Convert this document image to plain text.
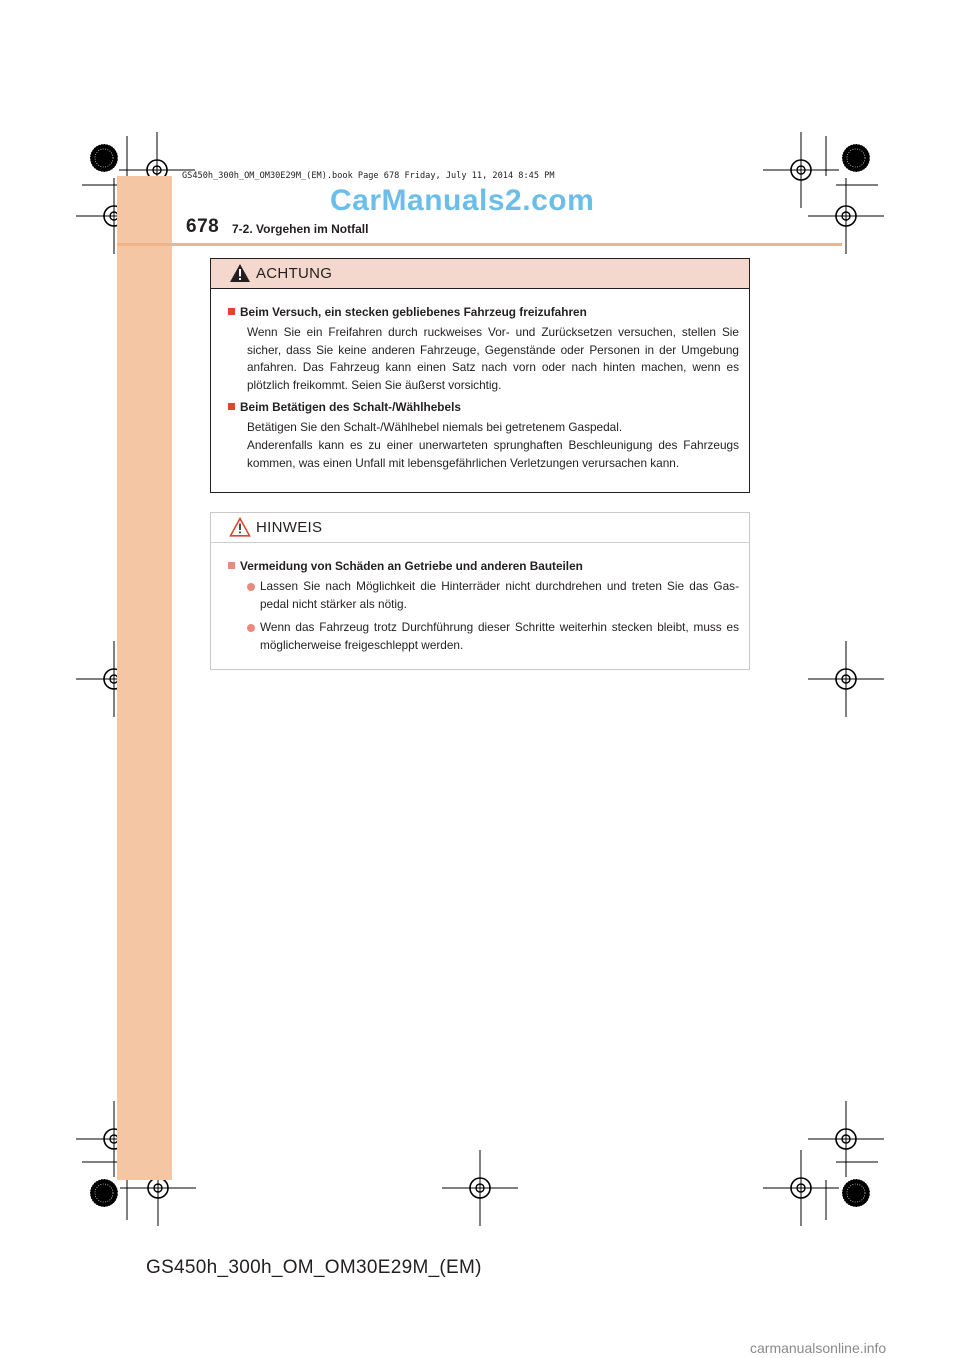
GS450h_300h_OM_OM30E29M_(EM).book Page 678 Friday, July 11, 2014 8:45 PM
CarManuals2.com
678 7-2. Vorgehen im Notfall
ACHTUNG
Beim Versuch, ein stecken gebliebenes Fahrzeug freizufahren

Wenn Sie ein Freifahren durch ruckweises Vor- und Zurücksetzen versuchen, stellen Sie sicher, dass Sie keine anderen Fahrzeuge, Gegenstände oder Personen in der Umgebung anfahren. Das Fahrzeug kann einen Satz nach vorn oder nach hinten machen, wenn es plötzlich freikommt. Seien Sie äußerst vorsichtig.

Beim Betätigen des Schalt-/Wählhebels

Betätigen Sie den Schalt-/Wählhebel niemals bei getretenem Gaspedal.

Anderenfalls kann es zu einer unerwarteten sprunghaften Beschleunigung des Fahrzeugs kommen, was einen Unfall mit lebensgefährlichen Verletzungen verursachen kann.

HINWEIS
Vermeidung von Schäden an Getriebe und anderen Bauteilen
Lassen Sie nach Möglichkeit die Hinterräder nicht durchdrehen und treten Sie das Gas-pedal nicht stärker als nötig.
Wenn das Fahrzeug trotz Durchführung dieser Schritte weiterhin stecken bleibt, muss es möglicherweise freigeschleppt werden.
GS450h_300h_OM_OM30E29M_(EM)
carmanualsonline.info
